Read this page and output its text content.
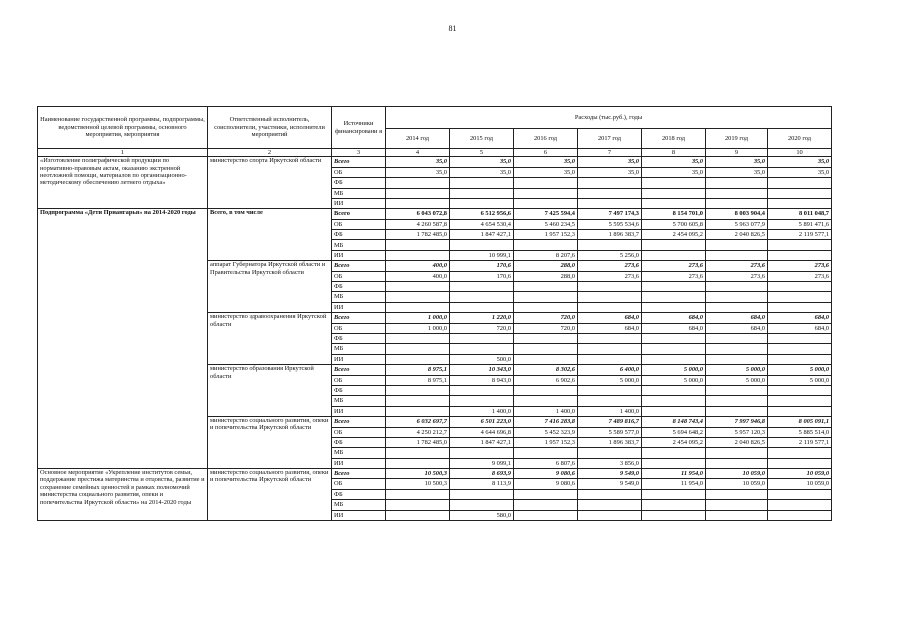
81
Наименование государственной программы, подпрограммы, ведомственной целевой программы, основного мероприятия, мероприятия	Ответственный исполнитель, соисполнители, участники, исполнители мероприятий	Источники финансировани я	Расходы (тыс.руб.), годы						
			2014 год	2015 год	2016 год	2017 год	2018 год	2019 год	2020 год
1	2	3	4	5	6	7	8	9	10
«Изготовление полиграфической продукции по нормативно-правовым актам, оказанию экстренной неотложной помощи, материалов по организационно-методическому обеспечению летнего отдыха»	министерство спорта Иркутской области	Всего	35,0	35,0	35,0	35,0	35,0	35,0	35,0
		ОБ	35,0	35,0	35,0	35,0	35,0	35,0	35,0
		ФБ							
		МБ							
		ИИ							
Подпрограмма «Дети Приангарья» на 2014-2020 годы	Всего, в том числе	Всего	6 043 072,8	6 512 956,6	7 425 594,4	7 497 174,3	8 154 701,0	8 003 904,4	8 011 048,7
		ОБ	4 260 587,8	4 654 530,4	5 460 234,5	5 595 534,6	5 700 605,8	5 963 077,9	5 891 471,6
		ФБ	1 782 485,0	1 847 427,1	1 957 152,3	1 896 383,7	2 454 095,2	2 040 826,5	2 119 577,1
		МБ							
		ИИ		10 999,1	8 207,6	5 256,0			
	аппарат Губернатора Иркутской области и Правительства Иркутской области	Всего	400,0	170,6	288,0	273,6	273,6	273,6	273,6
		ОБ	400,0	170,6	288,0	273,6	273,6	273,6	273,6
		ФБ							
		МБ							
		ИИ							
	министерство здравоохранения Иркутской области	Всего	1 000,0	1 220,0	720,0	684,0	684,0	684,0	684,0
		ОБ	1 000,0	720,0	720,0	684,0	684,0	684,0	684,0
		ФБ							
		МБ							
		ИИ		500,0					
	министерство образования Иркутской области	Всего	8 975,1	10 343,0	8 302,6	6 400,0	5 000,0	5 000,0	5 000,0
		ОБ	8 975,1	8 943,0	6 902,6	5 000,0	5 000,0	5 000,0	5 000,0
		ФБ							
		МБ							
		ИИ		1 400,0	1 400,0	1 400,0			
	министерство социального развития, опеки и попечительства Иркутской области	Всего	6 032 697,7	6 501 223,0	7 416 283,8	7 489 816,7	8 148 743,4	7 997 946,8	8 005 091,1
		ОБ	4 250 212,7	4 644 696,8	5 452 323,9	5 589 577,0	5 694 648,2	5 957 120,3	5 885 514,0
		ФБ	1 782 485,0	1 847 427,1	1 957 152,3	1 896 383,7	2 454 095,2	2 040 826,5	2 119 577,1
		МБ							
		ИИ		9 099,1	6 807,6	3 856,0			
Основное мероприятие «Укрепление институтов семьи, поддержание престижа материнства и отцовства, развитие и сохранение семейных ценностей в рамках полномочий министерства социального развития, опеки и попечительства Иркутской области» на 2014-2020 годы	министерство социального развития, опеки и попечительства Иркутской области	Всего	10 500,3	8 693,9	9 080,6	9 549,0	11 954,0	10 059,0	10 059,0
		ОБ	10 500,3	8 113,9	9 080,6	9 549,0	11 954,0	10 059,0	10 059,0
		ФБ							
		МБ							
		ИИ		580,0					
